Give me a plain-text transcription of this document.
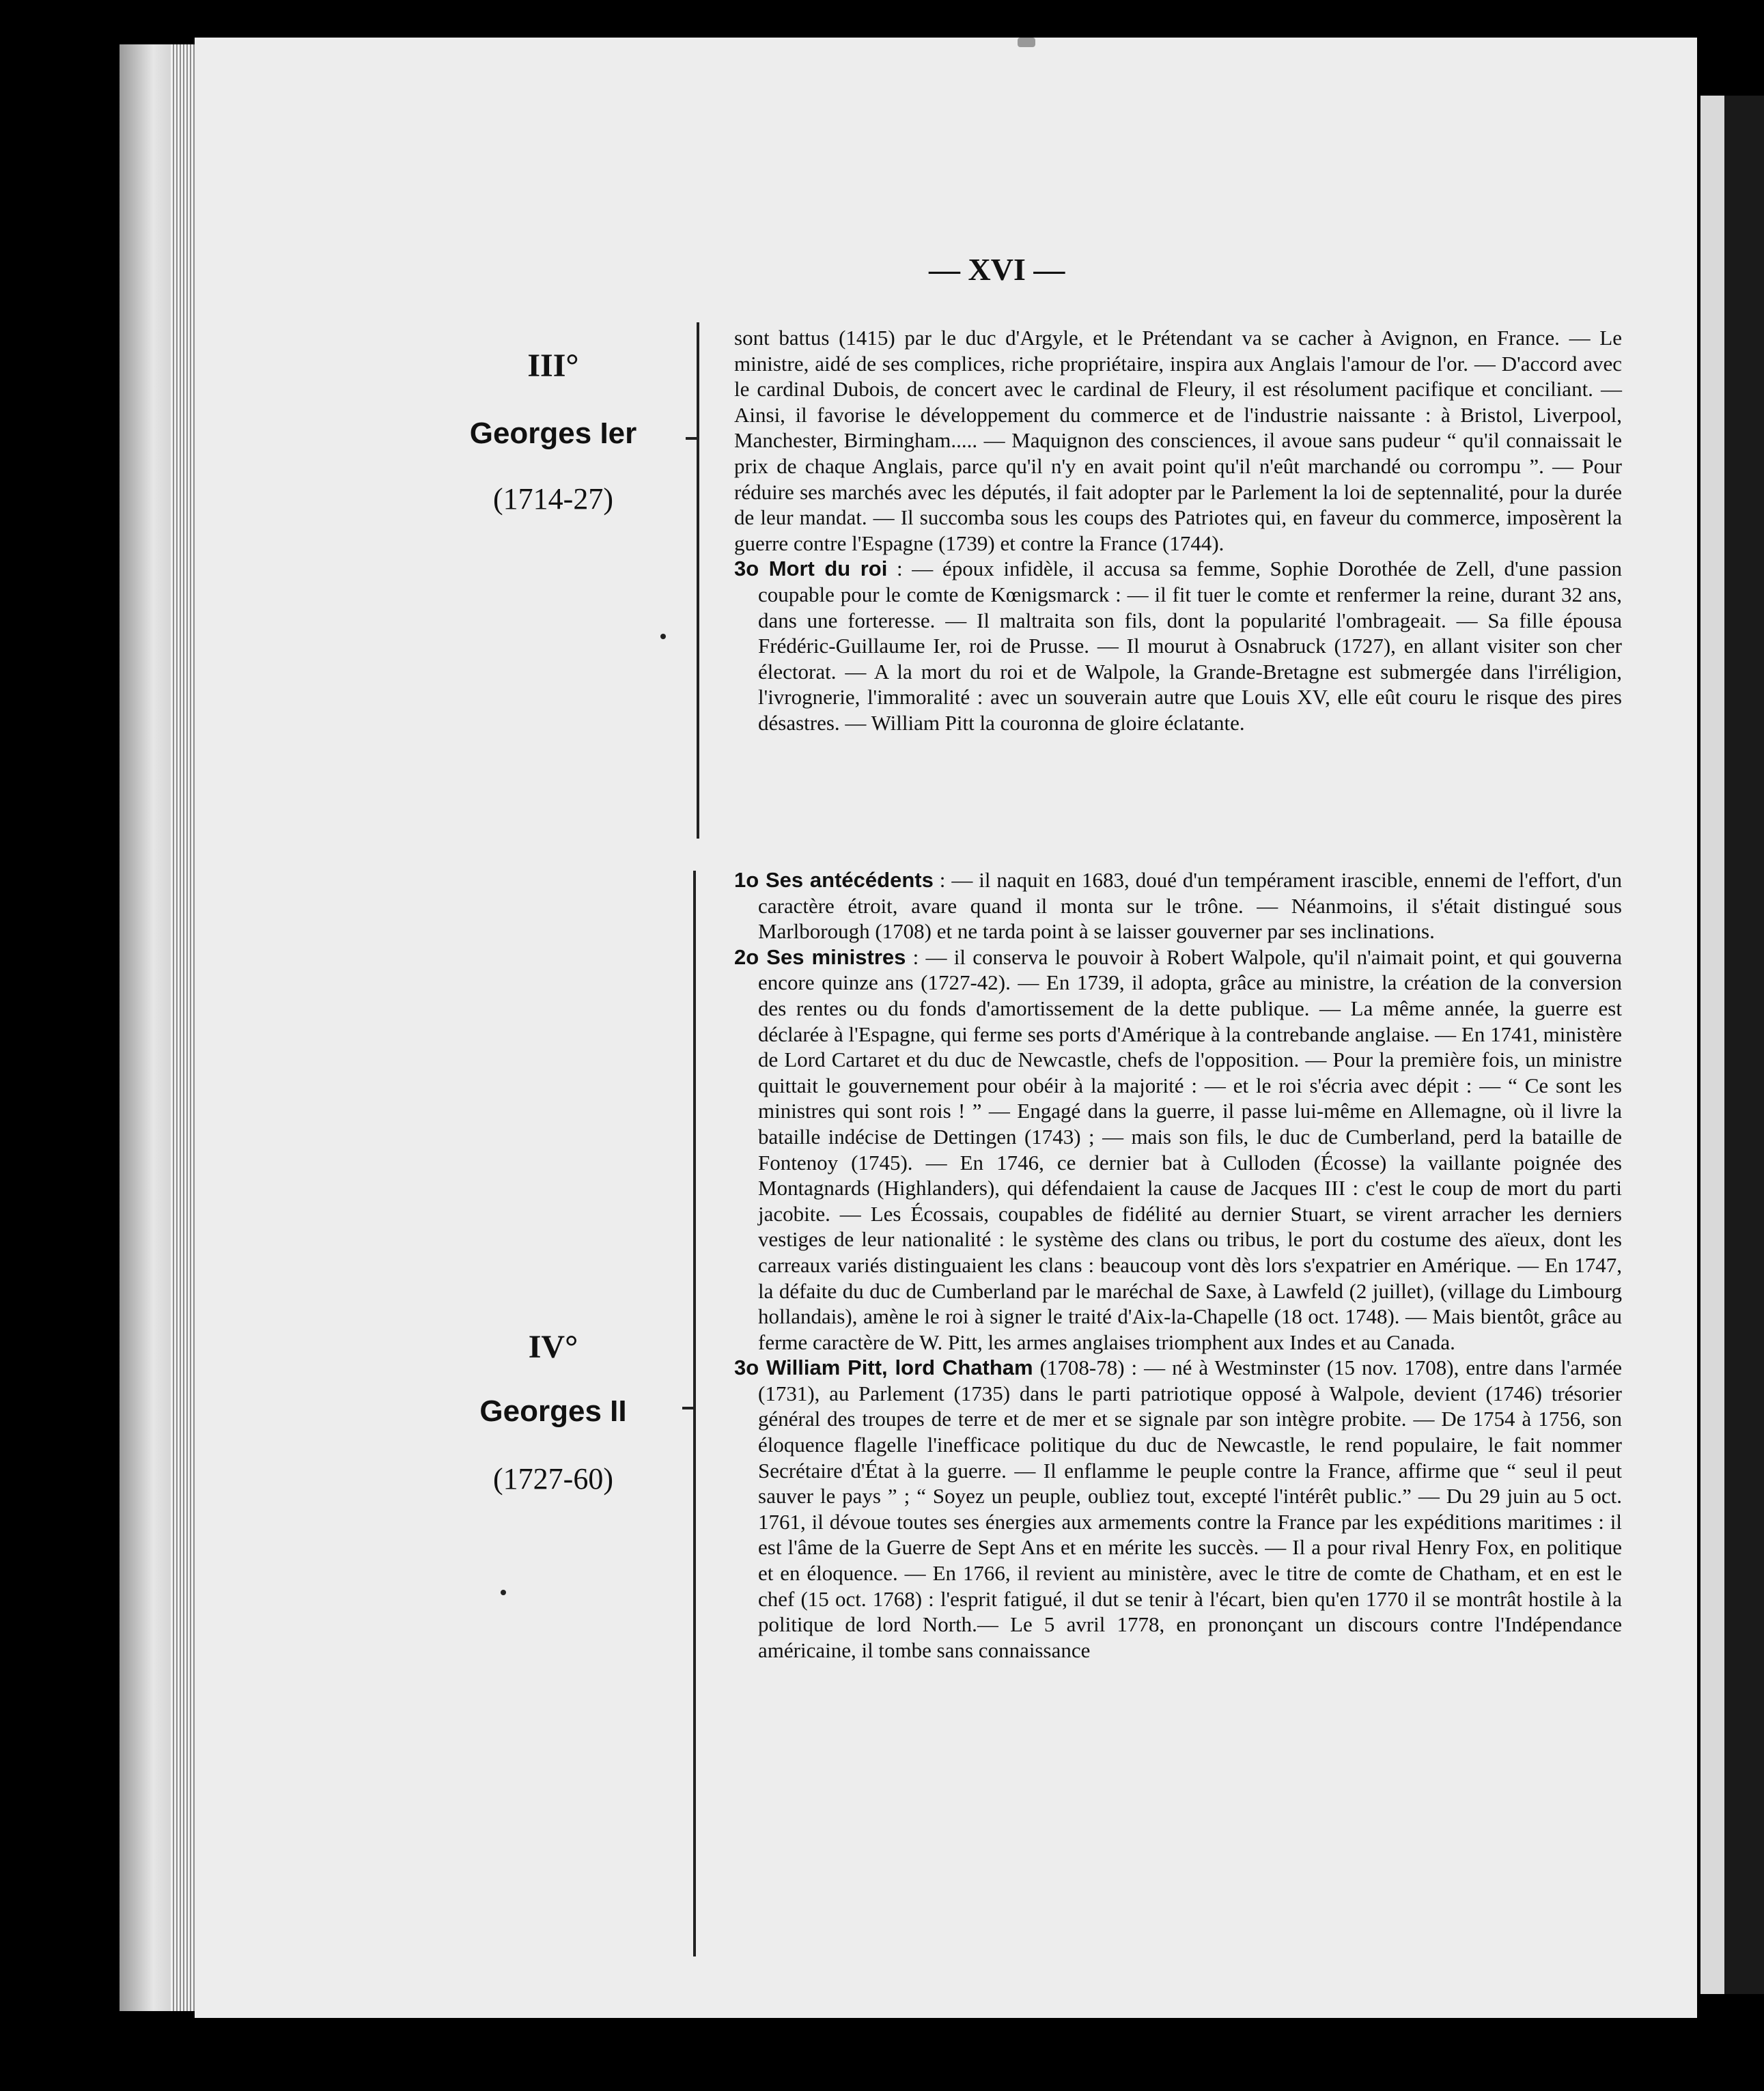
— XVI —
III°
Georges Ier
(1714-27)

sont battus (1415) par le duc d'Argyle, et le Prétendant va se cacher à Avignon, en France. — Le ministre, aidé de ses complices, riche propriétaire, inspira aux Anglais l'amour de l'or. — D'accord avec le cardinal Dubois, de concert avec le cardinal de Fleury, il est résolument pacifique et conciliant. — Ainsi, il favorise le développement du commerce et de l'industrie naissante : à Bristol, Liverpool, Manchester, Birmingham..... — Maquignon des consciences, il avoue sans pudeur “ qu'il connaissait le prix de chaque Anglais, parce qu'il n'y en avait point qu'il n'eût marchandé ou corrompu ”. — Pour réduire ses marchés avec les députés, il fait adopter par le Parlement la loi de septennalité, pour la durée de leur mandat. — Il succomba sous les coups des Patriotes qui, en faveur du commerce, imposèrent la guerre contre l'Espagne (1739) et contre la France (1744).

3o Mort du roi : — époux infidèle, il accusa sa femme, Sophie Dorothée de Zell, d'une passion coupable pour le comte de Kœnigsmarck : — il fit tuer le comte et renfermer la reine, durant 32 ans, dans une forteresse. — Il maltraita son fils, dont la popularité l'ombrageait. — Sa fille épousa Frédéric-Guillaume Ier, roi de Prusse. — Il mourut à Osnabruck (1727), en allant visiter son cher électorat. — A la mort du roi et de Walpole, la Grande-Bretagne est submergée dans l'irréligion, l'ivrognerie, l'immoralité : avec un souverain autre que Louis XV, elle eût couru le risque des pires désastres. — William Pitt la couronna de gloire éclatante.

IV°
Georges II
(1727-60)

1o Ses antécédents : — il naquit en 1683, doué d'un tempérament irascible, ennemi de l'effort, d'un caractère étroit, avare quand il monta sur le trône. — Néanmoins, il s'était distingué sous Marlborough (1708) et ne tarda point à se laisser gouverner par ses inclinations.

2o Ses ministres : — il conserva le pouvoir à Robert Walpole, qu'il n'aimait point, et qui gouverna encore quinze ans (1727-42). — En 1739, il adopta, grâce au ministre, la création de la conversion des rentes ou du fonds d'amortissement de la dette publique. — La même année, la guerre est déclarée à l'Espagne, qui ferme ses ports d'Amérique à la contrebande anglaise. — En 1741, ministère de Lord Cartaret et du duc de Newcastle, chefs de l'opposition. — Pour la première fois, un ministre quittait le gouvernement pour obéir à la majorité : — et le roi s'écria avec dépit : — “ Ce sont les ministres qui sont rois ! ” — Engagé dans la guerre, il passe lui-même en Allemagne, où il livre la bataille indécise de Dettingen (1743) ; — mais son fils, le duc de Cumberland, perd la bataille de Fontenoy (1745). — En 1746, ce dernier bat à Culloden (Écosse) la vaillante poignée des Montagnards (Highlanders), qui défendaient la cause de Jacques III : c'est le coup de mort du parti jacobite. — Les Écossais, coupables de fidélité au dernier Stuart, se virent arracher les derniers vestiges de leur nationalité : le système des clans ou tribus, le port du costume des aïeux, dont les carreaux variés distinguaient les clans : beaucoup vont dès lors s'expatrier en Amérique. — En 1747, la défaite du duc de Cumberland par le maréchal de Saxe, à Lawfeld (2 juillet), (village du Limbourg hollandais), amène le roi à signer le traité d'Aix-la-Chapelle (18 oct. 1748). — Mais bientôt, grâce au ferme caractère de W. Pitt, les armes anglaises triomphent aux Indes et au Canada.

3o William Pitt, lord Chatham (1708-78) : — né à Westminster (15 nov. 1708), entre dans l'armée (1731), au Parlement (1735) dans le parti patriotique opposé à Walpole, devient (1746) trésorier général des troupes de terre et de mer et se signale par son intègre probite. — De 1754 à 1756, son éloquence flagelle l'inefficace politique du duc de Newcastle, le rend populaire, le fait nommer Secrétaire d'État à la guerre. — Il enflamme le peuple contre la France, affirme que “ seul il peut sauver le pays ” ; “ Soyez un peuple, oubliez tout, excepté l'intérêt public.” — Du 29 juin au 5 oct. 1761, il dévoue toutes ses énergies aux armements contre la France par les expéditions maritimes : il est l'âme de la Guerre de Sept Ans et en mérite les succès. — Il a pour rival Henry Fox, en politique et en éloquence. — En 1766, il revient au ministère, avec le titre de comte de Chatham, et en est le chef (15 oct. 1768) : l'esprit fatigué, il dut se tenir à l'écart, bien qu'en 1770 il se montrât hostile à la politique de lord North.— Le 5 avril 1778, en prononçant un discours contre l'Indépendance américaine, il tombe sans connaissance
